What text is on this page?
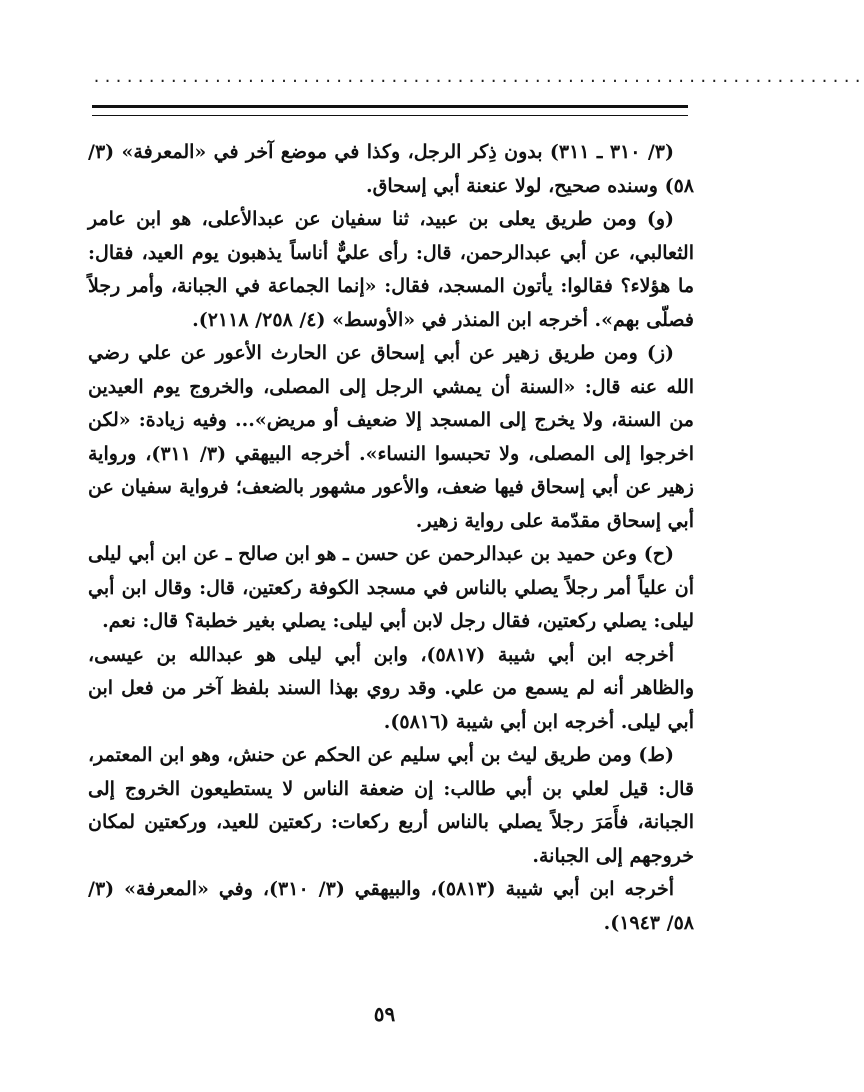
......................................................................

(٣/ ٣١٠ ـ ٣١١) بدون ذِكر الرجل، وكذا في موضع آخر في «المعرفة» (٣/ ٥٨) وسنده صحيح، لولا عنعنة أبي إسحاق.

(و) ومن طريق يعلى بن عبيد، ثنا سفيان عن عبدالأعلى، هو ابن عامر الثعالبي، عن أبي عبدالرحمن، قال: رأى عليٌّ أناساً يذهبون يوم العيد، فقال: ما هؤلاء؟ فقالوا: يأتون المسجد، فقال: «إنما الجماعة في الجبانة، وأمر رجلاً فصلّى بهم». أخرجه ابن المنذر في «الأوسط» (٤/ ٢٥٨/ ٢١١٨).

(ز) ومن طريق زهير عن أبي إسحاق عن الحارث الأعور عن علي رضي الله عنه قال: «السنة أن يمشي الرجل إلى المصلى، والخروج يوم العيدين من السنة، ولا يخرج إلى المسجد إلا ضعيف أو مريض»... وفيه زيادة: «لكن اخرجوا إلى المصلى، ولا تحبسوا النساء». أخرجه البيهقي (٣/ ٣١١)، ورواية زهير عن أبي إسحاق فيها ضعف، والأعور مشهور بالضعف؛ فرواية سفيان عن أبي إسحاق مقدّمة على رواية زهير.

(ح) وعن حميد بن عبدالرحمن عن حسن ـ هو ابن صالح ـ عن ابن أبي ليلى أن علياً أمر رجلاً يصلي بالناس في مسجد الكوفة ركعتين، قال: وقال ابن أبي ليلى: يصلي ركعتين، فقال رجل لابن أبي ليلى: يصلي بغير خطبة؟ قال: نعم.

أخرجه ابن أبي شيبة (٥٨١٧)، وابن أبي ليلى هو عبدالله بن عيسى، والظاهر أنه لم يسمع من علي. وقد روي بهذا السند بلفظ آخر من فعل ابن أبي ليلى. أخرجه ابن أبي شيبة (٥٨١٦).

(ط) ومن طريق ليث بن أبي سليم عن الحكم عن حنش، وهو ابن المعتمر، قال: قيل لعلي بن أبي طالب: إن ضعفة الناس لا يستطيعون الخروج إلى الجبانة، فأَمَرَ رجلاً يصلي بالناس أربع ركعات: ركعتين للعيد، وركعتين لمكان خروجهم إلى الجبانة.

أخرجه ابن أبي شيبة (٥٨١٣)، والبيهقي (٣/ ٣١٠)، وفي «المعرفة» (٣/ ٥٨/ ١٩٤٣).

٥٩
